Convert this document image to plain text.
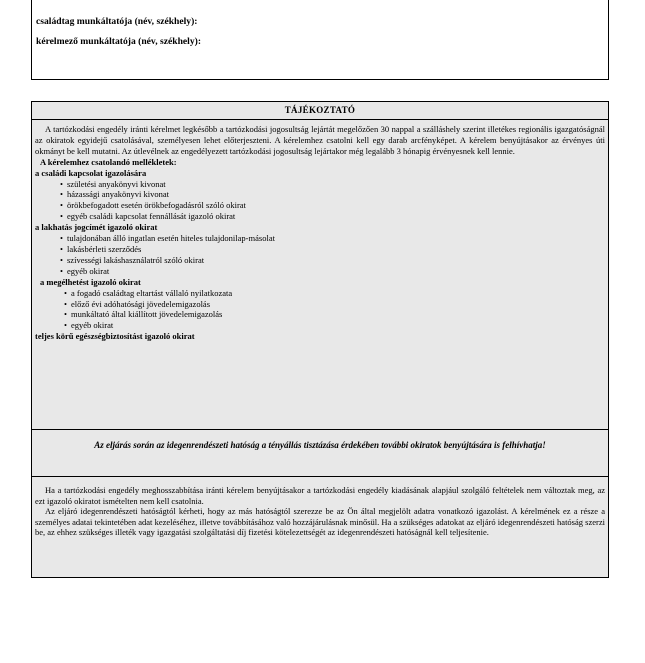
családtag munkáltatója (név, székhely):
kérelmező munkáltatója (név, székhely):
TÁJÉKOZTATÓ

A tartózkodási engedély iránti kérelmet legkésőbb a tartózkodási jogosultság lejártát megelőzően 30 nappal a szálláshely szerint illetékes regionális igazgatóságnál az okiratok egyidejű csatolásával, személyesen lehet előterjeszteni. A kérelemhez csatolni kell egy darab arcfényképet. A kérelem benyújtásakor az érvényes úti okmányt be kell mutatni. Az útlevélnek az engedélyezett tartózkodási jogosultság lejártakor még legalább 3 hónapig érvényesnek kell lennie.

A kérelemhez csatolandó mellékletek:

a családi kapcsolat igazolására

• születési anyakönyvi kivonat
• házassági anyakönyvi kivonat
• örökbefogadott esetén örökbefogadásról szóló okirat
• egyéb családi kapcsolat fennállását igazoló okirat

a lakhatás jogcímét igazoló okirat

• tulajdonában álló ingatlan esetén hiteles tulajdonilap-másolat
• lakásbérleti szerződés
• szívességi lakáshasználatról szóló okirat
• egyéb okirat

a megélhetést igazoló okirat

• a fogadó családtag eltartást vállaló nyilatkozata
• előző évi adóhatósági jövedelemigazolás
• munkáltató által kiállított jövedelemigazolás
• egyéb okirat

teljes körű egészségbiztosítást igazoló okirat

Az eljárás során az idegenrendészeti hatóság a tényállás tisztázása érdekében további okiratok benyújtására is felhívhatja!

Ha a tartózkodási engedély meghosszabbítása iránti kérelem benyújtásakor a tartózkodási engedély kiadásának alapjául szolgáló feltételek nem változtak meg, az ezt igazoló okiratot ismételten nem kell csatolnia.

Az eljáró idegenrendészeti hatóságtól kérheti, hogy az más hatóságtól szerezze be az Ön által megjelölt adatra vonatkozó igazolást. A kérelmének ez a része a személyes adatai tekintetében adat kezeléséhez, illetve továbbításához való hozzájárulásnak minősül. Ha a szükséges adatokat az eljáró idegenrendészeti hatóság szerzi be, az ehhez szükséges illeték vagy igazgatási szolgáltatási díj fizetési kötelezettségét az idegenrendészeti hatóságnál kell teljesítenie.
